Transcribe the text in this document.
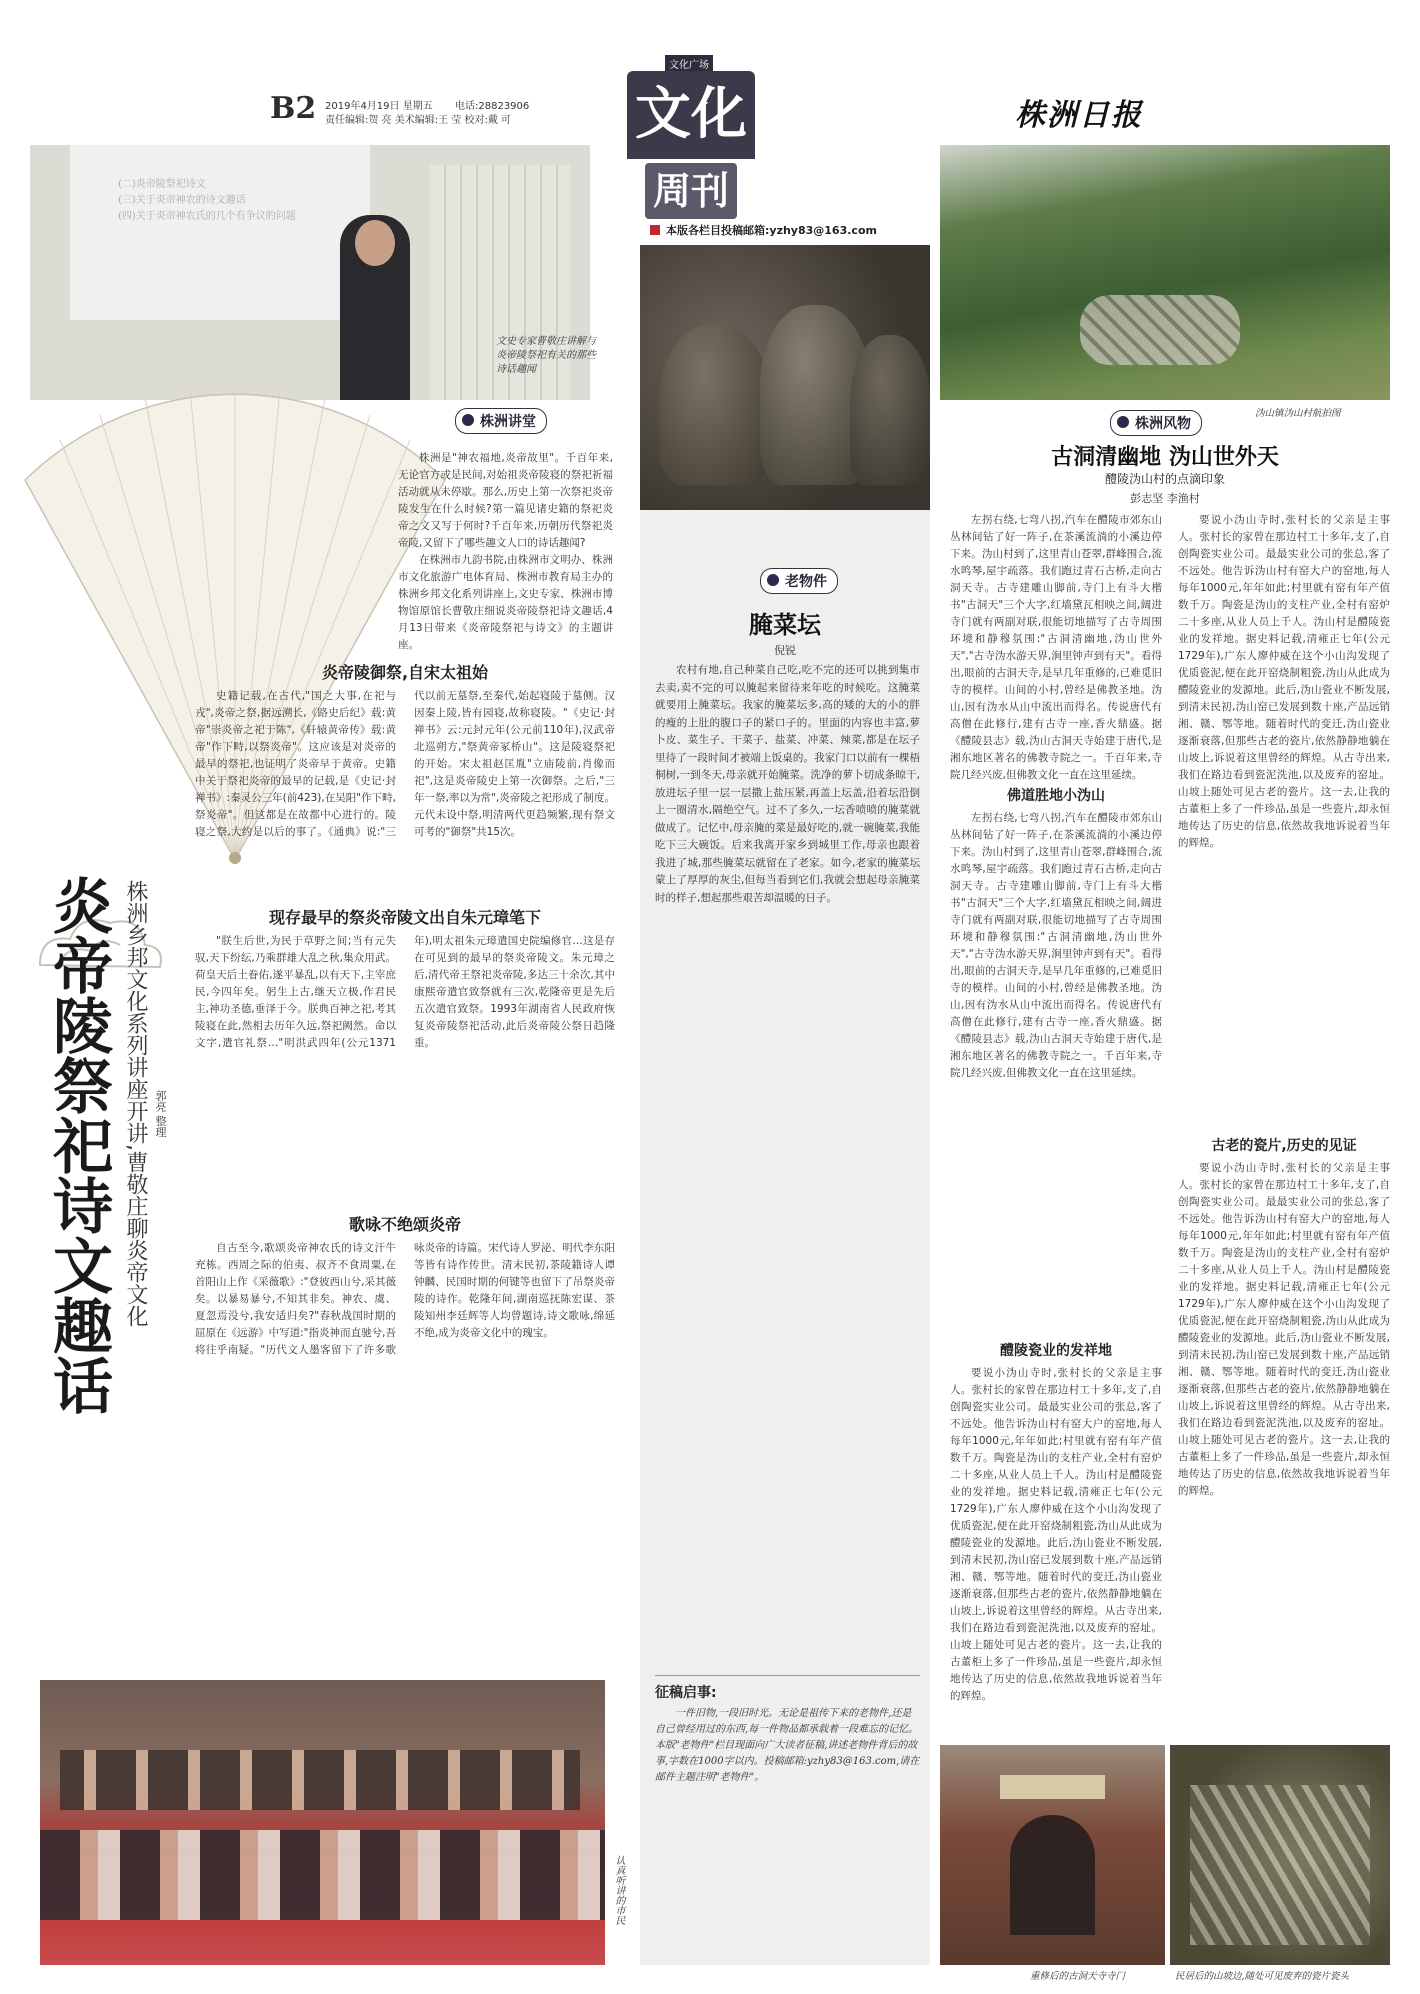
B2 2019年4月19日 星期五 电话:28823906
责任编辑:贺 亮 美术编辑:王 莹 校对:戴 可
文化广场
文化
周刊
株洲日报
本版各栏目投稿邮箱:yzhy83@163.com
(二)炎帝陵祭祀诗文
(三)关于炎帝神农的诗文趣话
(四)关于炎帝神农氏的几个有争议的问题
文史专家曹敬庄讲解与炎帝陵祭祀有关的那些诗话趣闻
株洲讲堂

株洲是"神农福地,炎帝故里"。千百年来,无论官方或是民间,对始祖炎帝陵寝的祭祀祈福活动就从未停歇。那么,历史上第一次祭祀炎帝陵发生在什么时候?第一篇见诸史籍的祭祀炎帝之文又写于何时?千百年来,历朝历代祭祀炎帝陵,又留下了哪些趣文人口的诗话趣闻?

在株洲市九韵书院,由株洲市文明办、株洲市文化旅游广电体育局、株洲市教育局主办的株洲乡邦文化系列讲座上,文史专家、株洲市博物馆原馆长曹敬庄细说炎帝陵祭祀诗文趣话,4月13日带来《炎帝陵祭祀与诗文》的主题讲座。

炎帝陵御祭,自宋太祖始

史籍记载,在古代,"国之大事,在祀与戎",炎帝之祭,据远溯长,《路史后纪》载:黄帝"崇炎帝之祀于陈",《轩辕黄帝传》载:黄帝"作下畤,以祭炎帝"。这应该是对炎帝的最早的祭祀,也证明了炎帝早于黄帝。史籍中关于祭祀炎帝的最早的记载,是《史记·封禅书》:秦灵公三年(前423),在吴阳"作下畤,祭炎帝"。但这都是在故都中心进行的。陵寝之祭,大约是以后的事了。《通典》说:"三代以前无墓祭,至秦代,始起寝陵于墓侧。汉因秦上陵,皆有园寝,故称寝陵。"《史记·封禅书》云:元封元年(公元前110年),汉武帝北巡朔方,"祭黄帝冢桥山"。这是陵寝祭祀的开始。宋太祖赵匡胤"立庙陵前,肖像而祀",这是炎帝陵史上第一次御祭。之后,"三年一祭,率以为常",炎帝陵之祀形成了制度。元代未设中祭,明清两代更趋频繁,现有祭文可考的"御祭"共15次。

炎帝陵祭祀诗文趣话 株洲乡邦文化系列讲座开讲,曹敬庄聊炎帝文化 郭亮 整理
现存最早的祭炎帝陵文出自朱元璋笔下

"朕生后世,为民于草野之间;当有元失驭,天下纷纭,乃乘群雄大乱之秋,集众用武。荷皇天后土眷佑,遂平暴乱,以有天下,主宰庶民,今四年矣。躬生上古,继天立极,作君民主,神功圣德,垂泽于今。朕典百神之祀,考其陵寝在此,然相去历年久远,祭祀阙然。命以文字,遣官礼祭…"明洪武四年(公元1371年),明太祖朱元璋遣国史院编修官…这是存在可见到的最早的祭炎帝陵文。朱元璋之后,清代帝王祭祀炎帝陵,多达三十余次,其中康熙帝遣官致祭就有三次,乾隆帝更是先后五次遣官致祭。1993年湖南省人民政府恢复炎帝陵祭祀活动,此后炎帝陵公祭日趋隆重。

歌咏不绝颂炎帝

自古至今,歌颂炎帝神农氏的诗文汗牛充栋。西周之际的伯夷、叔齐不食周粟,在首阳山上作《采薇歌》:"登彼西山兮,采其薇矣。以暴易暴兮,不知其非矣。神农、虞、夏忽焉没兮,我安适归矣?"春秋战国时期的屈原在《远游》中写道:"指炎神而直驰兮,吾将往乎南疑。"历代文人墨客留下了许多歌咏炎帝的诗篇。宋代诗人罗泌、明代李东阳等皆有诗作传世。清末民初,茶陵籍诗人谭钟麟、民国时期的何键等也留下了吊祭炎帝陵的诗作。乾隆年间,湖南巡抚陈宏谋、茶陵知州李廷辉等人均曾题诗,诗文歌咏,绵延不绝,成为炎帝文化中的瑰宝。

认真听讲的市民
老物件
腌菜坛
倪锐

农村有地,自己种菜自己吃,吃不完的还可以挑到集市去卖,卖不完的可以腌起来留待来年吃的时候吃。这腌菜就要用上腌菜坛。我家的腌菜坛多,高的矮的大的小的胖的瘦的上肚的腹口子的紧口子的。里面的内容也丰富,萝卜皮、菜生子、干菜子、盐菜、冲菜、辣菜,都是在坛子里待了一段时间才被端上饭桌的。我家门口以前有一棵梧桐树,一到冬天,母亲就开始腌菜。洗净的萝卜切成条晾干,放进坛子里一层一层撒上盐压紧,再盖上坛盖,沿着坛沿倒上一圈清水,隔绝空气。过不了多久,一坛香喷喷的腌菜就做成了。记忆中,母亲腌的菜是最好吃的,就一碗腌菜,我能吃下三大碗饭。后来我离开家乡到城里工作,母亲也跟着我进了城,那些腌菜坛就留在了老家。如今,老家的腌菜坛蒙上了厚厚的灰尘,但每当看到它们,我就会想起母亲腌菜时的样子,想起那些艰苦却温暖的日子。

征稿启事:
一件旧物,一段旧时光。无论是祖传下来的老物件,还是自己曾经用过的东西,每一件物品都承载着一段难忘的记忆。本版"老物件"栏目现面向广大读者征稿,讲述老物件背后的故事,字数在1000字以内。投稿邮箱:yzhy83@163.com,请在邮件主题注明"老物件"。
沩山镇沩山村航拍图
株洲风物
古洞清幽地 沩山世外天
醴陵沩山村的点滴印象
彭志坚 李渔村

左拐右绕,七弯八拐,汽车在醴陵市郊东山丛林间钻了好一阵子,在茶溪流淌的小溪边停下来。沩山村到了,这里青山苍翠,群峰围合,流水鸣琴,屋宇疏落。我们跑过青石古桥,走向古洞天寺。古寺建雕山脚前,寺门上有斗大楷书"古洞天"三个大字,红墙黛瓦相映之间,阔进寺门就有两副对联,很能切地描写了古寺周围环境和静穆氛围:"古洞清幽地,沩山世外天","古寺沩水游天界,涧里钟声到有天"。看得出,眼前的古洞天寺,是早几年重修的,已难觅旧寺的模样。山间的小村,曾经是佛教圣地。沩山,因有沩水从山中流出而得名。传说唐代有高僧在此修行,建有古寺一座,香火鼎盛。据《醴陵县志》载,沩山古洞天寺始建于唐代,是湘东地区著名的佛教寺院之一。千百年来,寺院几经兴废,但佛教文化一直在这里延续。

佛道胜地小沩山

左拐右绕,七弯八拐,汽车在醴陵市郊东山丛林间钻了好一阵子,在茶溪流淌的小溪边停下来。沩山村到了,这里青山苍翠,群峰围合,流水鸣琴,屋宇疏落。我们跑过青石古桥,走向古洞天寺。古寺建雕山脚前,寺门上有斗大楷书"古洞天"三个大字,红墙黛瓦相映之间,阔进寺门就有两副对联,很能切地描写了古寺周围环境和静穆氛围:"古洞清幽地,沩山世外天","古寺沩水游天界,涧里钟声到有天"。看得出,眼前的古洞天寺,是早几年重修的,已难觅旧寺的模样。山间的小村,曾经是佛教圣地。沩山,因有沩水从山中流出而得名。传说唐代有高僧在此修行,建有古寺一座,香火鼎盛。据《醴陵县志》载,沩山古洞天寺始建于唐代,是湘东地区著名的佛教寺院之一。千百年来,寺院几经兴废,但佛教文化一直在这里延续。

醴陵瓷业的发祥地

要说小沩山寺时,张村长的父亲是主事人。张村长的家曾在那边村工十多年,支了,自创陶瓷实业公司。最最实业公司的张总,客了不远处。他告诉沩山村有窑大户的窑地,每人每年1000元,年年如此;村里就有窑有年产值数千万。陶瓷是沩山的支柱产业,全村有窑炉二十多座,从业人员上千人。沩山村是醴陵瓷业的发祥地。据史料记载,清雍正七年(公元1729年),广东人廖仲威在这个小山沟发现了优质瓷泥,便在此开窑烧制粗瓷,沩山从此成为醴陵瓷业的发源地。此后,沩山瓷业不断发展,到清末民初,沩山窑已发展到数十座,产品远销湘、赣、鄂等地。随着时代的变迁,沩山瓷业逐渐衰落,但那些古老的瓷片,依然静静地躺在山坡上,诉说着这里曾经的辉煌。从古寺出来,我们在路边看到瓷泥洗池,以及废弃的窑址。山坡上随处可见古老的瓷片。这一去,让我的古董柜上多了一件珍品,虽是一些瓷片,却永恒地传达了历史的信息,依然故我地诉说着当年的辉煌。

要说小沩山寺时,张村长的父亲是主事人。张村长的家曾在那边村工十多年,支了,自创陶瓷实业公司。最最实业公司的张总,客了不远处。他告诉沩山村有窑大户的窑地,每人每年1000元,年年如此;村里就有窑有年产值数千万。陶瓷是沩山的支柱产业,全村有窑炉二十多座,从业人员上千人。沩山村是醴陵瓷业的发祥地。据史料记载,清雍正七年(公元1729年),广东人廖仲威在这个小山沟发现了优质瓷泥,便在此开窑烧制粗瓷,沩山从此成为醴陵瓷业的发源地。此后,沩山瓷业不断发展,到清末民初,沩山窑已发展到数十座,产品远销湘、赣、鄂等地。随着时代的变迁,沩山瓷业逐渐衰落,但那些古老的瓷片,依然静静地躺在山坡上,诉说着这里曾经的辉煌。从古寺出来,我们在路边看到瓷泥洗池,以及废弃的窑址。山坡上随处可见古老的瓷片。这一去,让我的古董柜上多了一件珍品,虽是一些瓷片,却永恒地传达了历史的信息,依然故我地诉说着当年的辉煌。

古老的瓷片,历史的见证

要说小沩山寺时,张村长的父亲是主事人。张村长的家曾在那边村工十多年,支了,自创陶瓷实业公司。最最实业公司的张总,客了不远处。他告诉沩山村有窑大户的窑地,每人每年1000元,年年如此;村里就有窑有年产值数千万。陶瓷是沩山的支柱产业,全村有窑炉二十多座,从业人员上千人。沩山村是醴陵瓷业的发祥地。据史料记载,清雍正七年(公元1729年),广东人廖仲威在这个小山沟发现了优质瓷泥,便在此开窑烧制粗瓷,沩山从此成为醴陵瓷业的发源地。此后,沩山瓷业不断发展,到清末民初,沩山窑已发展到数十座,产品远销湘、赣、鄂等地。随着时代的变迁,沩山瓷业逐渐衰落,但那些古老的瓷片,依然静静地躺在山坡上,诉说着这里曾经的辉煌。从古寺出来,我们在路边看到瓷泥洗池,以及废弃的窑址。山坡上随处可见古老的瓷片。这一去,让我的古董柜上多了一件珍品,虽是一些瓷片,却永恒地传达了历史的信息,依然故我地诉说着当年的辉煌。

重修后的古洞天寺寺门	民居后的山坡边,随处可见废弃的瓷片瓷头
